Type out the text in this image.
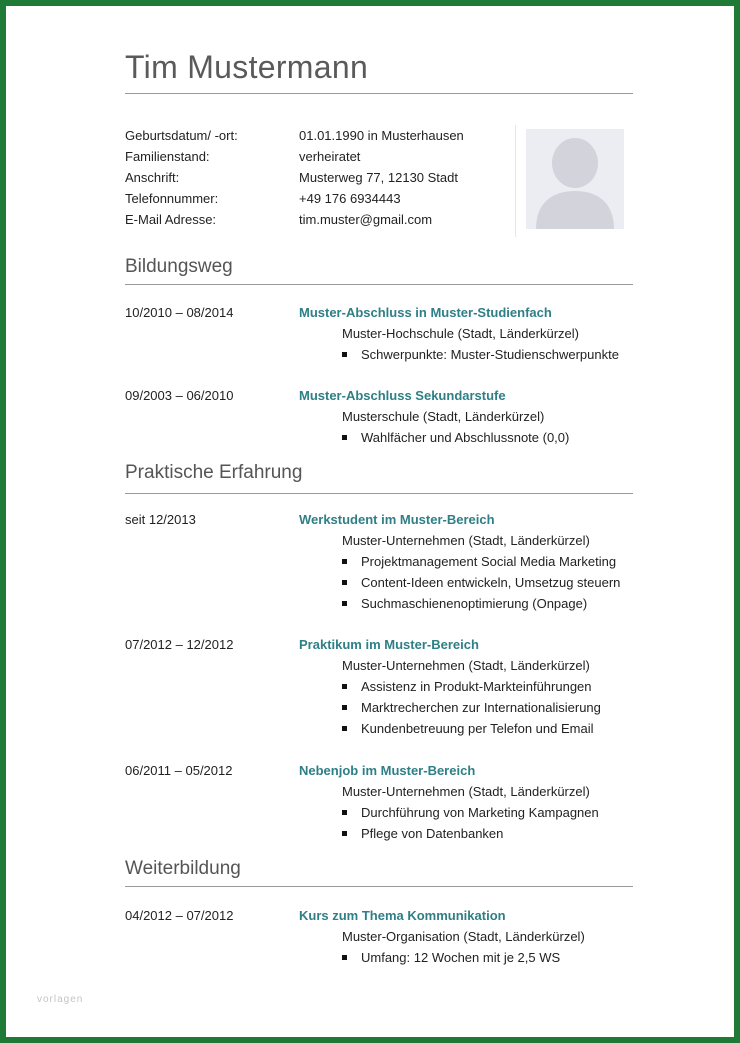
Tim Mustermann
Geburtsdatum/ -ort:	01.01.1990 in Musterhausen
Familienstand:	verheiratet
Anschrift:	Musterweg 77, 12130 Stadt
Telefonnummer:	+49 176 6934443
E-Mail Adresse:	tim.muster@gmail.com
Bildungsweg
10/2010 – 08/2014	Muster-Abschluss in Muster-Studienfach
Muster-Hochschule (Stadt, Länderkürzel)
Schwerpunkte: Muster-Studienschwerpunkte
09/2003 – 06/2010	Muster-Abschluss Sekundarstufe
Musterschule (Stadt, Länderkürzel)
Wahlfächer und Abschlussnote (0,0)
Praktische Erfahrung
seit 12/2013	Werkstudent im Muster-Bereich
Muster-Unternehmen (Stadt, Länderkürzel)
Projektmanagement Social Media Marketing
Content-Ideen entwickeln, Umsetzug steuern
Suchmaschienenoptimierung (Onpage)
07/2012 – 12/2012	Praktikum im Muster-Bereich
Muster-Unternehmen (Stadt, Länderkürzel)
Assistenz in Produkt-Markteinführungen
Marktrecherchen zur Internationalisierung
Kundenbetreuung per Telefon und Email
06/2011 – 05/2012	Nebenjob im Muster-Bereich
Muster-Unternehmen (Stadt, Länderkürzel)
Durchführung von Marketing Kampagnen
Pflege von Datenbanken
Weiterbildung
04/2012 – 07/2012	Kurs zum Thema Kommunikation
Muster-Organisation (Stadt, Länderkürzel)
Umfang: 12 Wochen mit je 2,5 WS
vorlagen
